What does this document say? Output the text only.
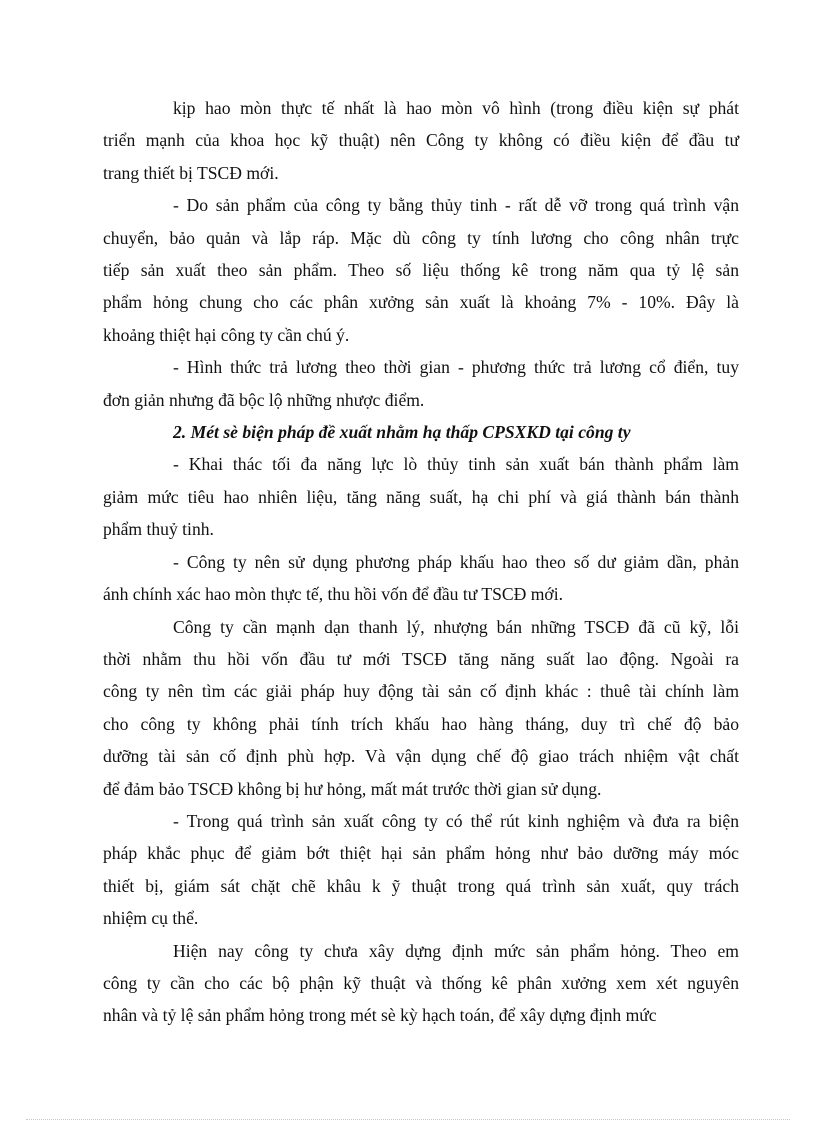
kịp hao mòn thực tế nhất là hao mòn vô hình (trong điều kiện sự phát
triển mạnh của khoa học kỹ thuật) nên Công ty không có điều kiện để đầu tư
trang thiết bị TSCĐ mới.
- Do sản phẩm của công ty bằng thủy tinh - rất dễ vỡ trong quá trình vận
chuyển, bảo quản và lắp ráp. Mặc dù công ty tính lương cho công nhân trực
tiếp sản xuất theo sản phẩm. Theo số liệu thống kê trong năm qua tỷ lệ sản
phẩm hỏng chung cho các phân xưởng sản xuất là khoảng 7% - 10%. Đây là
khoảng thiệt hại công ty cần chú ý.
- Hình thức trả lương theo thời gian - phương thức trả lương cổ điển, tuy
đơn giản nhưng đã bộc lộ những nhược điểm.
2. Mét sè biện pháp đề xuất nhằm hạ thấp CPSXKD tại công ty
- Khai thác tối đa năng lực lò thủy tinh sản xuất bán thành phẩm làm
giảm mức tiêu hao nhiên liệu, tăng năng suất, hạ chi phí và giá thành bán thành
phẩm thuỷ tinh.
- Công ty nên sử dụng phương pháp khấu hao theo số dư giảm dần, phản
ánh chính xác hao mòn thực tế, thu hồi vốn để đầu tư TSCĐ mới.
Công ty cần mạnh dạn thanh lý, nhượng bán những TSCĐ đã cũ kỹ, lỗi
thời nhằm thu hồi vốn đầu tư mới TSCĐ tăng năng suất lao động. Ngoài ra
công ty nên tìm các giải pháp huy động tài sản cố định khác : thuê tài chính làm
cho công ty không phải tính trích khấu hao hàng tháng, duy trì chế độ bảo
dưỡng tài sản cố định phù hợp. Và vận dụng chế độ giao trách nhiệm vật chất
để đảm bảo TSCĐ không bị hư hỏng, mất mát trước thời gian sử dụng.
- Trong quá trình sản xuất công ty có thể rút kinh nghiệm và đưa ra biện
pháp khắc phục để giảm bớt thiệt hại sản phẩm hỏng như bảo dưỡng máy móc
thiết bị, giám sát chặt chẽ khâu k ỹ thuật trong quá trình sản xuất, quy trách
nhiệm cụ thể.
Hiện nay công ty chưa xây dựng định mức sản phẩm hỏng. Theo em
công ty cần cho các bộ phận kỹ thuật và thống kê phân xưởng xem xét nguyên
nhân và tỷ lệ sản phẩm hỏng trong mét sè kỳ hạch toán, để xây dựng định mức
